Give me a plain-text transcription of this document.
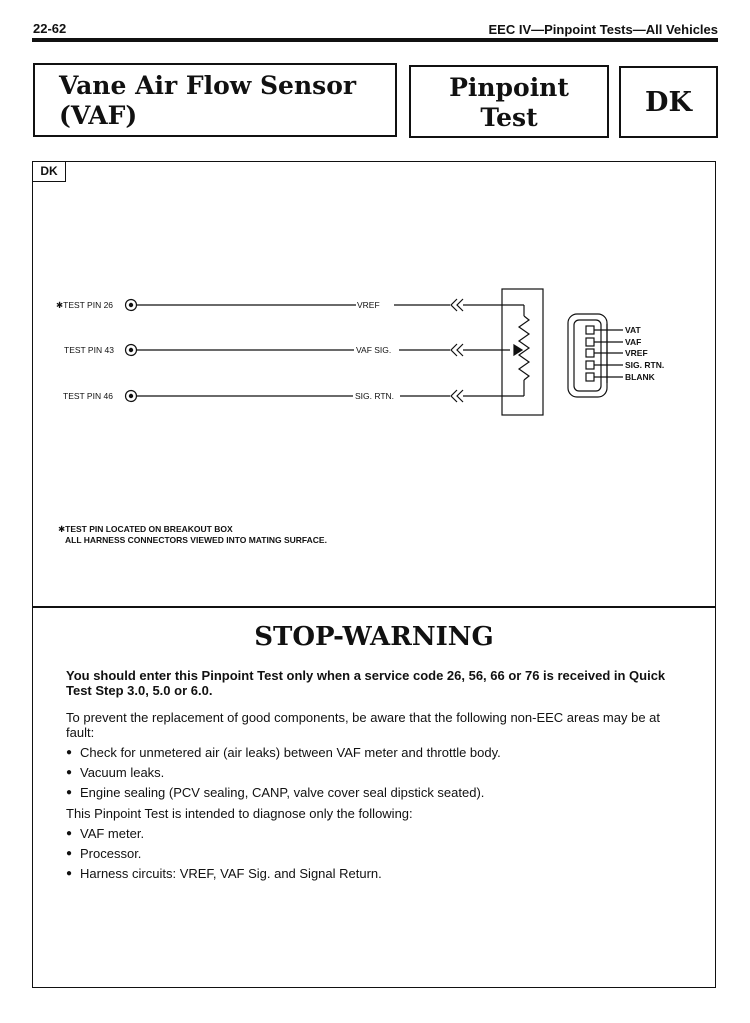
22-62	EEC IV—Pinpoint Tests—All Vehicles
Vane Air Flow Sensor
(VAF)
Pinpoint
Test	DK
DK
✱TEST PIN 26
TEST PIN 43
TEST PIN 46
VREF
VAF SIG.
SIG. RTN.
VAT
VAF
VREF
SIG. RTN.
BLANK
✱TEST PIN LOCATED ON BREAKOUT BOX
ALL HARNESS CONNECTORS VIEWED INTO MATING SURFACE.
STOP-WARNING

You should enter this Pinpoint Test only when a service code 26, 56, 66 or 76 is received in Quick Test Step 3.0, 5.0 or 6.0.

To prevent the replacement of good components, be aware that the following non-EEC areas may be at fault:

● Check for unmetered air (air leaks) between VAF meter and throttle body.
● Vacuum leaks.
● Engine sealing (PCV sealing, CANP, valve cover seal dipstick seated).

This Pinpoint Test is intended to diagnose only the following:

● VAF meter.
● Processor.
● Harness circuits: VREF, VAF Sig. and Signal Return.
